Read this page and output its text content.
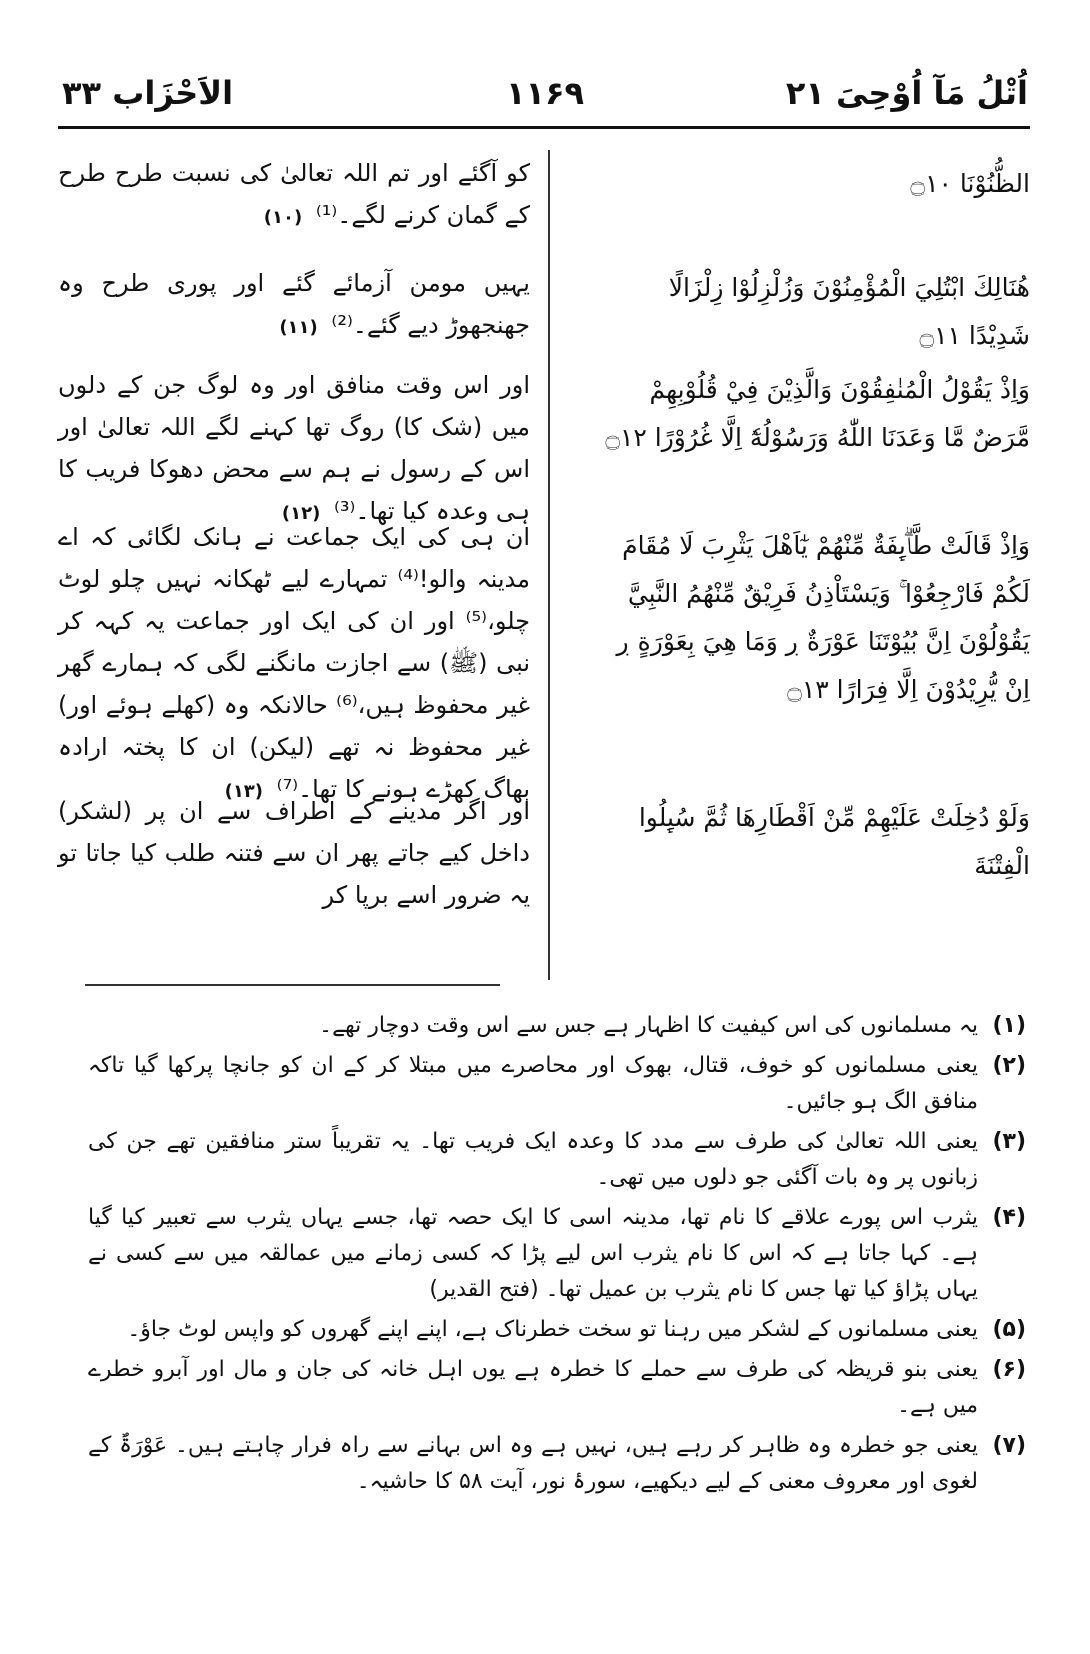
اُتْلُ مَآ اُوْحِیَ ۲۱
۱۱۶۹
الاَحْزَاب ۳۳
الظُّنُوْنَا ۝۱۰
کو آگئے اور تم اللہ تعالیٰ کی نسبت طرح طرح کے گمان کرنے لگے۔⁽¹⁾ (۱۰)
هُنَالِكَ ابْتُلِيَ الْمُؤْمِنُوْنَ وَزُلْزِلُوْا زِلْزَالًا شَدِيْدًا ۝۱۱
یہیں مومن آزمائے گئے اور پوری طرح وہ جھنجھوڑ دیے گئے۔⁽²⁾ (۱۱)
وَاِذْ يَقُوْلُ الْمُنٰفِقُوْنَ وَالَّذِيْنَ فِيْ قُلُوْبِهِمْ مَّرَضٌ مَّا وَعَدَنَا اللّٰهُ وَرَسُوْلُهٗٓ اِلَّا غُرُوْرًا ۝۱۲
اور اس وقت منافق اور وہ لوگ جن کے دلوں میں (شک کا) روگ تھا کہنے لگے اللہ تعالیٰ اور اس کے رسول نے ہم سے محض دھوکا فریب کا ہی وعدہ کیا تھا۔⁽³⁾ (۱۲)
وَاِذْ قَالَتْ طَّاۗىِٕفَةٌ مِّنْهُمْ يٰٓاَهْلَ يَثْرِبَ لَا مُقَامَ لَكُمْ فَارْجِعُوْا ۚ وَيَسْتَاْذِنُ فَرِيْقٌ مِّنْهُمُ النَّبِيَّ يَقُوْلُوْنَ اِنَّ بُيُوْتَنَا عَوْرَةٌ ڔ وَمَا هِيَ بِعَوْرَةٍ ڔ اِنْ يُّرِيْدُوْنَ اِلَّا فِرَارًا ۝۱۳
ان ہی کی ایک جماعت نے ہانک لگائی کہ اے مدینہ والو!⁽⁴⁾ تمہارے لیے ٹھکانہ نہیں چلو لوٹ چلو،⁽⁵⁾ اور ان کی ایک اور جماعت یہ کہہ کر نبی (ﷺ) سے اجازت مانگنے لگی کہ ہمارے گھر غیر محفوظ ہیں،⁽⁶⁾ حالانکہ وہ (کھلے ہوئے اور) غیر محفوظ نہ تھے (لیکن) ان کا پختہ ارادہ بھاگ کھڑے ہونے کا تھا۔⁽⁷⁾ (۱۳)
وَلَوْ دُخِلَتْ عَلَيْهِمْ مِّنْ اَقْطَارِهَا ثُمَّ سُىِٕلُوا الْفِتْنَةَ
اور اگر مدینے کے اطراف سے ان پر (لشکر) داخل کیے جاتے پھر ان سے فتنہ طلب کیا جاتا تو یہ ضرور اسے برپا کر
(۱)
یہ مسلمانوں کی اس کیفیت کا اظہار ہے جس سے اس وقت دوچار تھے۔
(۲)
یعنی مسلمانوں کو خوف، قتال، بھوک اور محاصرے میں مبتلا کر کے ان کو جانچا پرکھا گیا تاکہ منافق الگ ہو جائیں۔
(۳)
یعنی اللہ تعالیٰ کی طرف سے مدد کا وعدہ ایک فریب تھا۔ یہ تقریباً ستر منافقین تھے جن کی زبانوں پر وہ بات آگئی جو دلوں میں تھی۔
(۴)
یثرب اس پورے علاقے کا نام تھا، مدینہ اسی کا ایک حصہ تھا، جسے یہاں یثرب سے تعبیر کیا گیا ہے۔ کہا جاتا ہے کہ اس کا نام یثرب اس لیے پڑا کہ کسی زمانے میں عمالقہ میں سے کسی نے یہاں پڑاؤ کیا تھا جس کا نام یثرب بن عمیل تھا۔ (فتح القدیر)
(۵)
یعنی مسلمانوں کے لشکر میں رہنا تو سخت خطرناک ہے، اپنے اپنے گھروں کو واپس لوٹ جاؤ۔
(۶)
یعنی بنو قریظہ کی طرف سے حملے کا خطرہ ہے یوں اہل خانہ کی جان و مال اور آبرو خطرے میں ہے۔
(۷)
یعنی جو خطرہ وہ ظاہر کر رہے ہیں، نہیں ہے وہ اس بہانے سے راہ فرار چاہتے ہیں۔ عَوْرَۃٌ کے لغوی اور معروف معنی کے لیے دیکھیے، سورۂ نور، آیت ۵۸ کا حاشیہ۔
